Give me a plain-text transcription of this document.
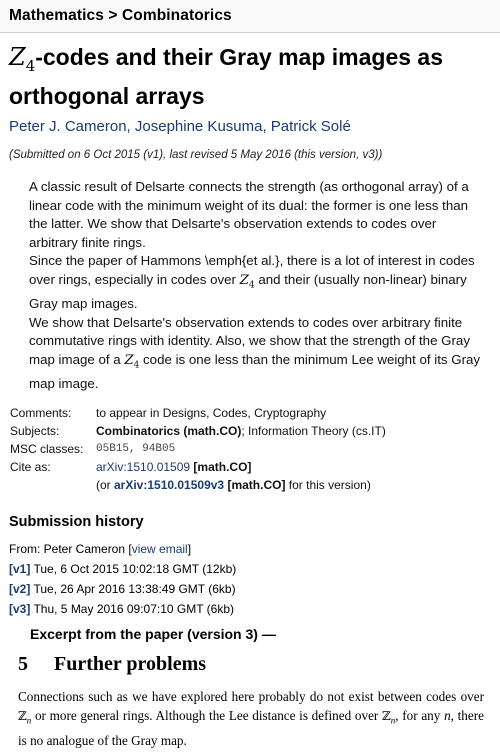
Mathematics > Combinatorics
$Z_4$-codes and their Gray map images as orthogonal arrays
Peter J. Cameron, Josephine Kusuma, Patrick Solé
(Submitted on 6 Oct 2015 (v1), last revised 5 May 2016 (this version, v3))

A classic result of Delsarte connects the strength (as orthogonal array) of a linear code with the minimum weight of its dual: the former is one less than the latter. We show that Delsarte's observation extends to codes over arbitrary finite rings.

Since the paper of Hammons \emph{et al.}, there is a lot of interest in codes over rings, especially in codes over $Z_4$ and their (usually non-linear) binary Gray map images.

We show that Delsarte's observation extends to codes over arbitrary finite commutative rings with identity. Also, we show that the strength of the Gray map image of a $Z_4$ code is one less than the minimum Lee weight of its Gray map image.

Comments:	to appear in Designs, Codes, Cryptography
Subjects:	Combinatorics (math.CO); Information Theory (cs.IT)
MSC classes:	05B15, 94B05
Cite as:	arXiv:1510.01509 [math.CO]
(or arXiv:1510.01509v3 [math.CO] for this version)
Submission history
From: Peter Cameron [view email]
[v1] Tue, 6 Oct 2015 10:02:18 GMT (12kb)
[v2] Tue, 26 Apr 2016 13:38:49 GMT (6kb)
[v3] Thu, 5 May 2016 09:07:10 GMT (6kb)
Excerpt from the paper (version 3) —
5 Further problems
Connections such as we have explored here probably do not exist between codes over ℤ$_n$ or more general rings. Although the Lee distance is defined over ℤ$_n$, for any n, there is no analogue of the Gray map.
